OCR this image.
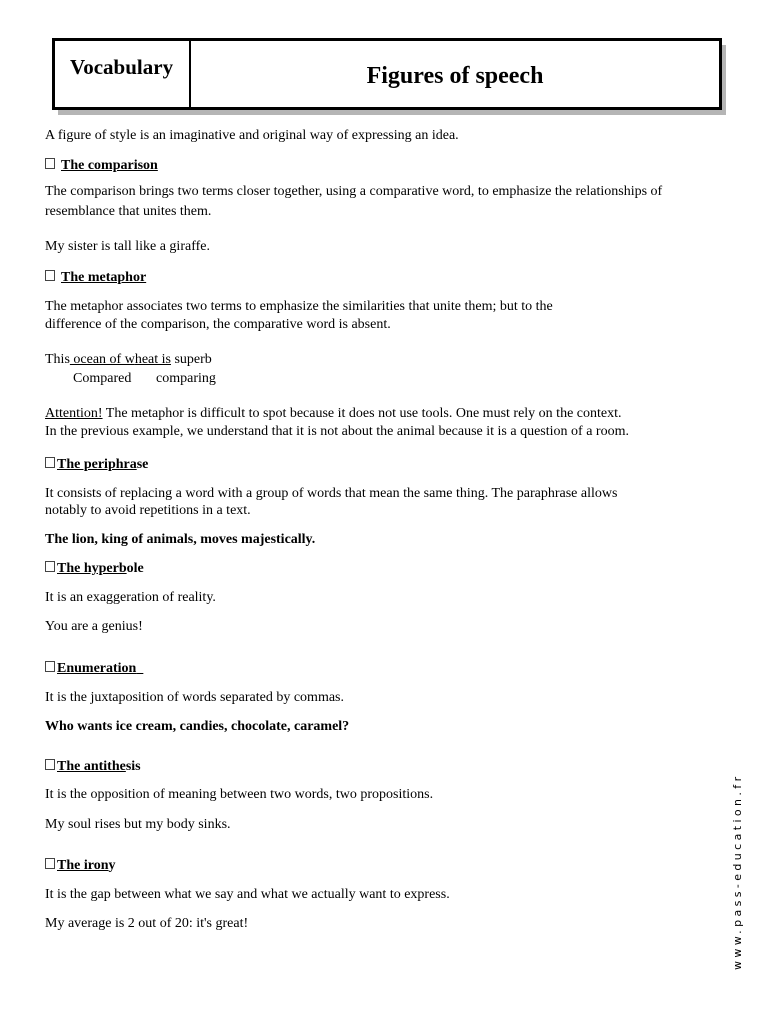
Vocabulary	Figures of speech
A figure of style is an imaginative and original way of expressing an idea.
The comparison
The comparison brings two terms closer together, using a comparative word, to emphasize the relationships of
resemblance that unites them.
My sister is tall like a giraffe.
The metaphor
The metaphor associates two terms to emphasize the similarities that unite them; but to the
difference of the comparison, the comparative word is absent.
This ocean of wheat is superb
Compared comparing
Attention! The metaphor is difficult to spot because it does not use tools. One must rely on the context.
In the previous example, we understand that it is not about the animal because it is a question of a room.
The periphrase
It consists of replacing a word with a group of words that mean the same thing. The paraphrase allows
notably to avoid repetitions in a text.
The lion, king of animals, moves majestically.
The hyperbole
It is an exaggeration of reality.
You are a genius!
Enumeration
It is the juxtaposition of words separated by commas.
Who wants ice cream, candies, chocolate, caramel?
The antithesis
It is the opposition of meaning between two words, two propositions.
My soul rises but my body sinks.
The irony
It is the gap between what we say and what we actually want to express.
My average is 2 out of 20: it's great!	www.pass-education.fr
